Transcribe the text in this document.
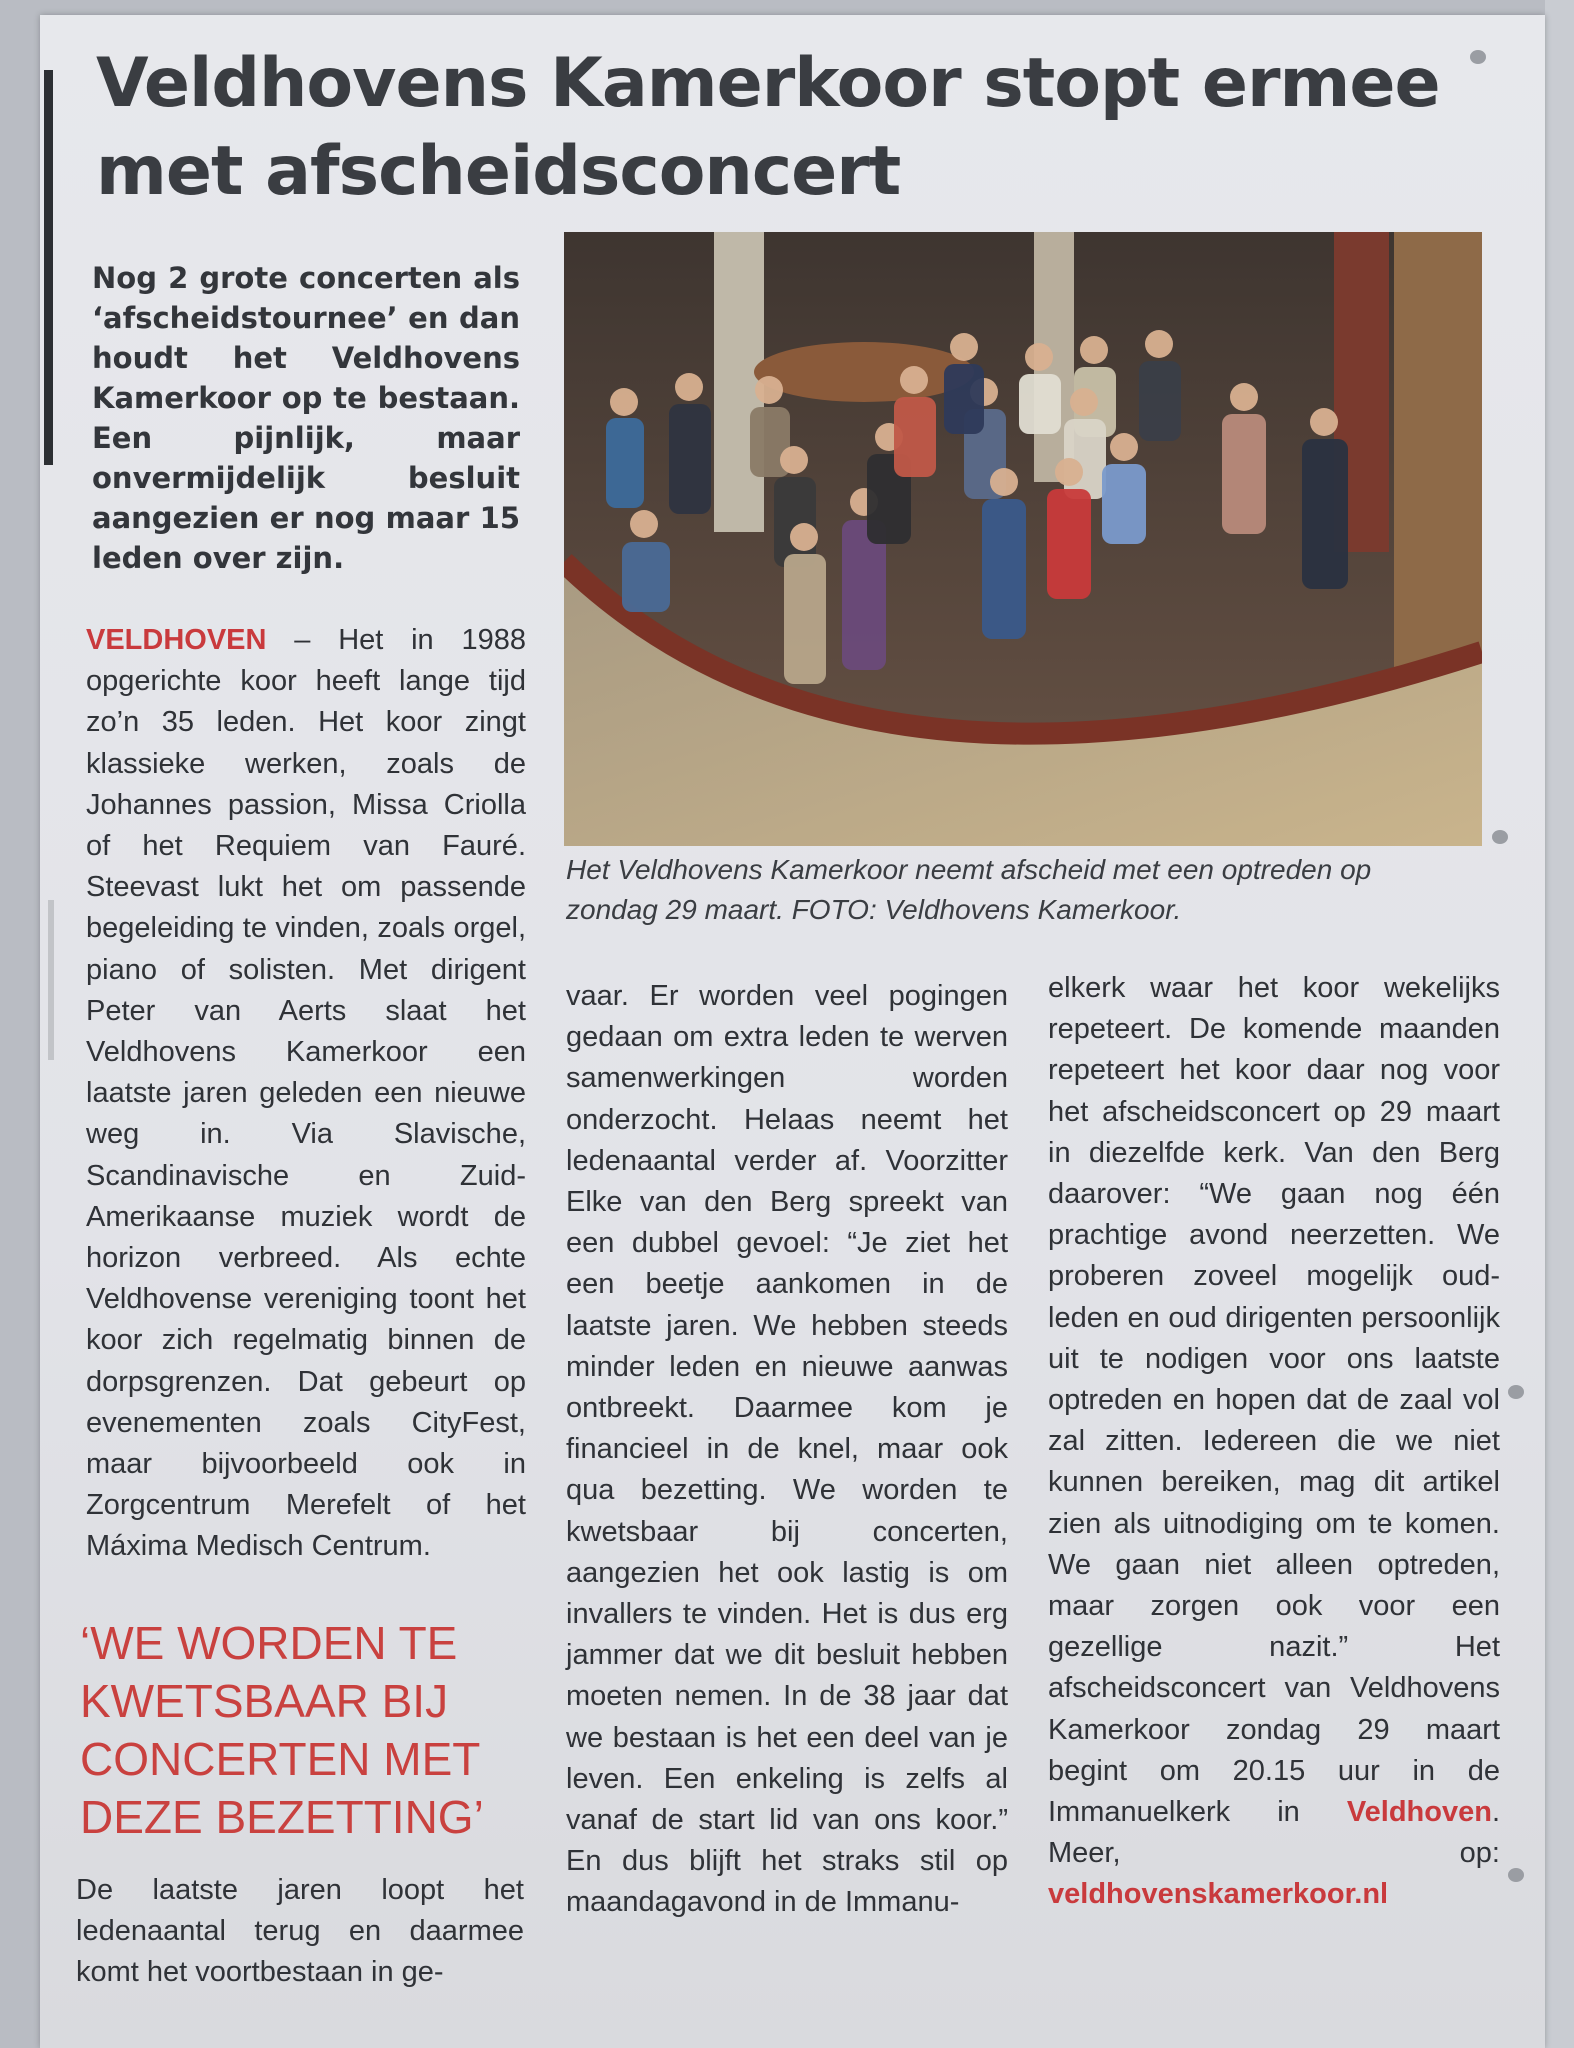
Veldhovens Kamerkoor stopt ermee met afscheidsconcert

Nog 2 grote concerten als ‘afscheidstournee’ en dan houdt het Veldhovens Kamerkoor op te bestaan. Een pijnlijk, maar onvermijdelijk besluit aangezien er nog maar 15 leden over zijn.

VELDHOVEN – Het in 1988 opgerichte koor heeft lange tijd zo’n 35 leden. Het koor zingt klassieke werken, zoals de Johannes passion, Missa Criolla of het Requiem van Fauré. Steevast lukt het om passende begeleiding te vinden, zoals orgel, piano of solisten. Met dirigent Peter van Aerts slaat het Veldhovens Kamerkoor een laatste jaren geleden een nieuwe weg in. Via Slavische, Scandinavische en Zuid-Amerikaanse muziek wordt de horizon verbreed. Als echte Veldhovense vereniging toont het koor zich regelmatig binnen de dorpsgrenzen. Dat gebeurt op evenementen zoals CityFest, maar bijvoorbeeld ook in Zorgcentrum Merefelt of het Máxima Medisch Centrum.

‘WE WORDEN TE KWETSBAAR BIJ CONCERTEN MET DEZE BEZETTING’

De laatste jaren loopt het ledenaantal terug en daarmee komt het voortbestaan in ge-

Het Veldhovens Kamerkoor neemt afscheid met een optreden op zondag 29 maart. FOTO: Veldhovens Kamerkoor.

vaar. Er worden veel pogingen gedaan om extra leden te werven samenwerkingen worden onderzocht. Helaas neemt het ledenaantal verder af. Voorzitter Elke van den Berg spreekt van een dubbel gevoel: “Je ziet het een beetje aankomen in de laatste jaren. We hebben steeds minder leden en nieuwe aanwas ontbreekt. Daarmee kom je financieel in de knel, maar ook qua bezetting. We worden te kwetsbaar bij concerten, aangezien het ook lastig is om invallers te vinden. Het is dus erg jammer dat we dit besluit hebben moeten nemen. In de 38 jaar dat we bestaan is het een deel van je leven. Een enkeling is zelfs al vanaf de start lid van ons koor.” En dus blijft het straks stil op maandagavond in de Immanu-

elkerk waar het koor wekelijks repeteert. De komende maanden repeteert het koor daar nog voor het afscheidsconcert op 29 maart in diezelfde kerk. Van den Berg daarover: “We gaan nog één prachtige avond neerzetten. We proberen zoveel mogelijk oud-leden en oud dirigenten persoonlijk uit te nodigen voor ons laatste optreden en hopen dat de zaal vol zal zitten. Iedereen die we niet kunnen bereiken, mag dit artikel zien als uitnodiging om te komen. We gaan niet alleen optreden, maar zorgen ook voor een gezellige nazit.” Het afscheidsconcert van Veldhovens Kamerkoor zondag 29 maart begint om 20.15 uur in de Immanuelkerk in Veldhoven. Meer, op: veldhovenskamerkoor.nl
